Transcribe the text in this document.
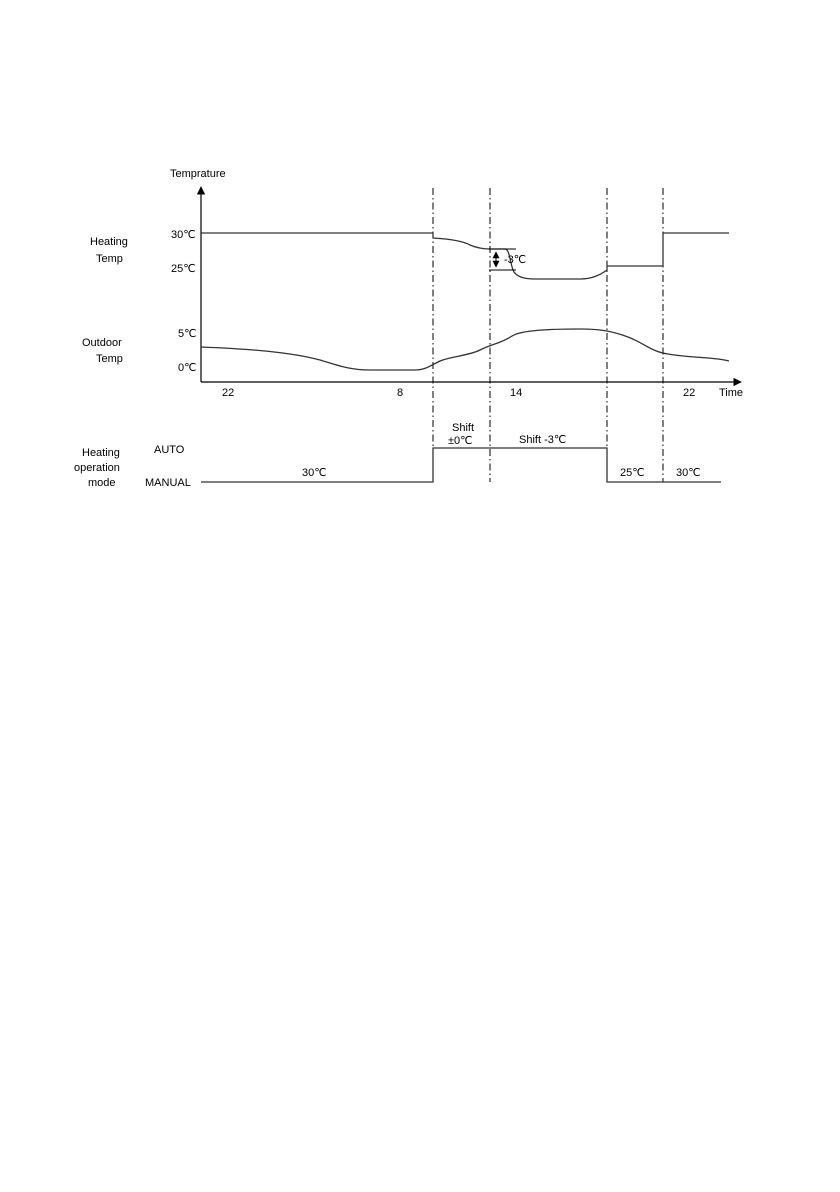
Temprature
Time
22	8	14	22
Heating
Temp
30℃
25℃
-3℃
Outdoor
Temp
5℃
0℃
Heating
operation
mode
AUTO
MANUAL
30℃
Shift
±0℃	Shift -3℃
25℃	30℃
